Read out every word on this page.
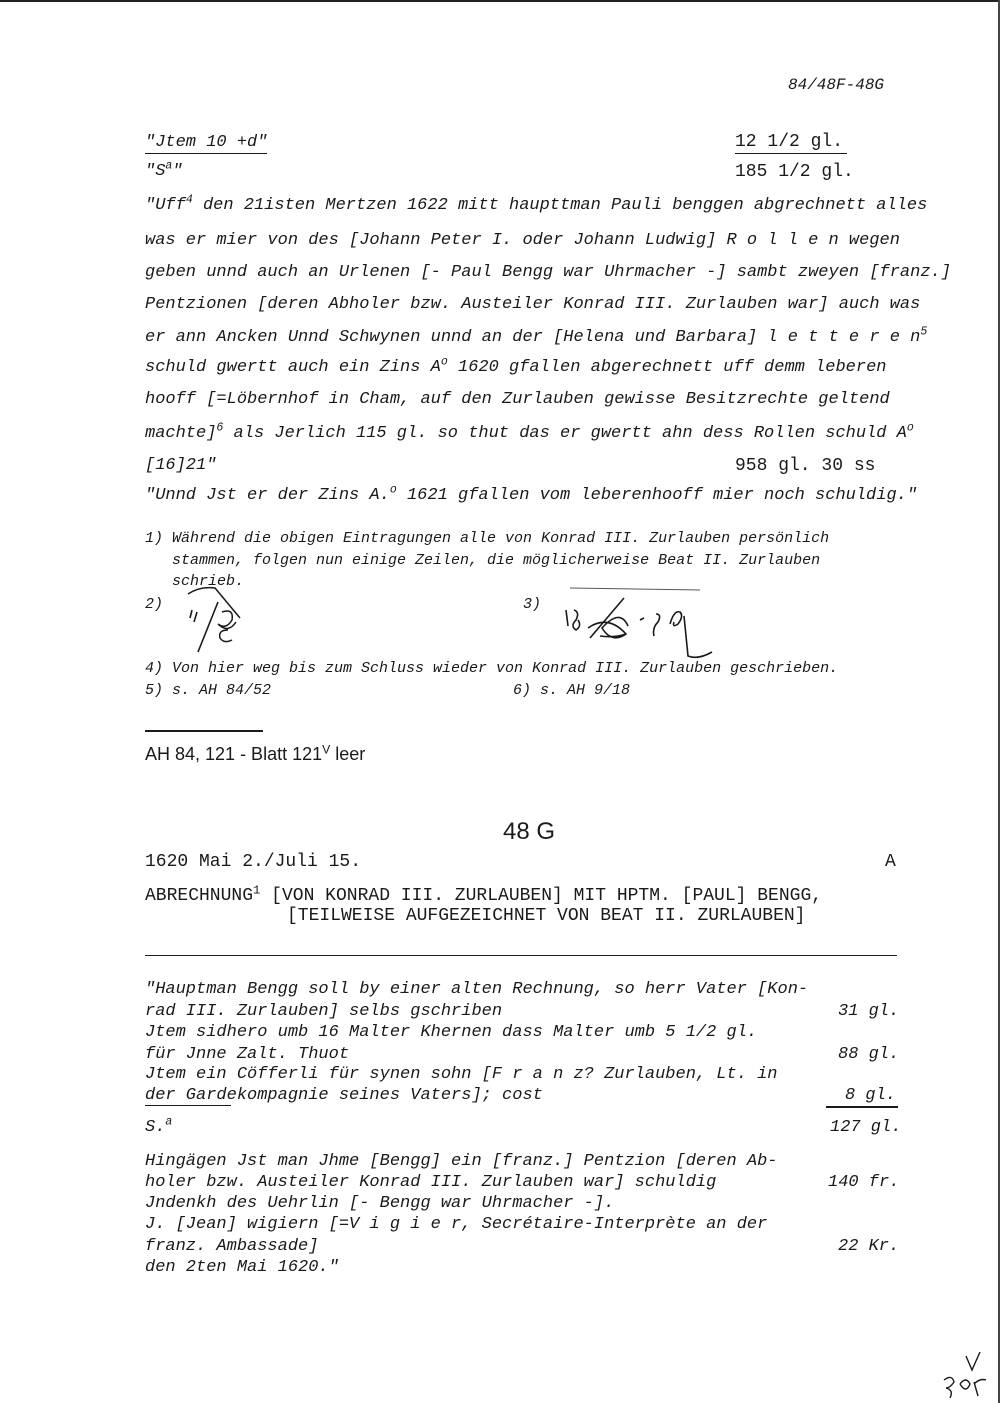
84/48F-48G
"Jtem 10 +d"	12 1/2 gl.
"$S^a$"	185 1/2 gl.
"Uff$^4$ den 21isten Mertzen 1622 mitt haupttman Pauli benggen abgrechnett alles
was er mier von des [Johann Peter I. oder Johann Ludwig] R o l l e n wegen
geben unnd auch an Urlenen [- Paul Bengg war Uhrmacher -] sambt zweyen [franz.]
Pentzionen [deren Abholer bzw. Austeiler Konrad III. Zurlauben war] auch was
er ann Ancken Unnd Schwynen unnd an der [Helena und Barbara] l e t t e r e $n^5$
schuld gwertt auch ein Zins $A^o$ 1620 gfallen abgerechnett uff demm leberen
hooff [=Löbernhof in Cham, auf den Zurlauben gewisse Besitzrechte geltend
machte]$^6$ als Jerlich 115 gl. so thut das er gwertt ahn dess Rollen schuld $A^o$
[16]21"	958 gl. 30 ss
"Unnd Jst er der Zins A.$^o$ 1621 gfallen vom leberenhooff mier noch schuldig."
1) Während die obigen Eintragungen alle von Konrad III. Zurlauben persönlich
stammen, folgen nun einige Zeilen, die möglicherweise Beat II. Zurlauben
schrieb.
2)	3)
4) Von hier weg bis zum Schluss wieder von Konrad III. Zurlauben geschrieben.
5) s. AH 84/52	6) s. AH 9/18
AH 84, 121 - Blatt $121^V$ leer
48 G
1620 Mai 2./Juli 15.	A
ABRECHNUNG$^1$ [VON KONRAD III. ZURLAUBEN] MIT HPTM. [PAUL] BENGG,
[TEILWEISE AUFGEZEICHNET VON BEAT II. ZURLAUBEN]
"Hauptman Bengg soll by einer alten Rechnung, so herr Vater [Kon-
rad III. Zurlauben] selbs gschriben	31 gl.
Jtem sidhero umb 16 Malter Khernen dass Malter umb 5 1/2 gl.
für Jnne Zalt. Thuot	88 gl.
Jtem ein Cöfferli für synen sohn [F r a n z? Zurlauben, Lt. in
der Gardekompagnie seines Vaters]; cost	8 gl.
S.$^a$	127 gl.
Hingägen Jst man Jhme [Bengg] ein [franz.] Pentzion [deren Ab-
holer bzw. Austeiler Konrad III. Zurlauben war] schuldig	140 fr.
Jndenkh des Uehrlin [- Bengg war Uhrmacher -].
J. [Jean] wigiern [=V i g i e r, Secrétaire-Interprète an der
franz. Ambassade]	22 Kr.
den 2ten Mai 1620."
